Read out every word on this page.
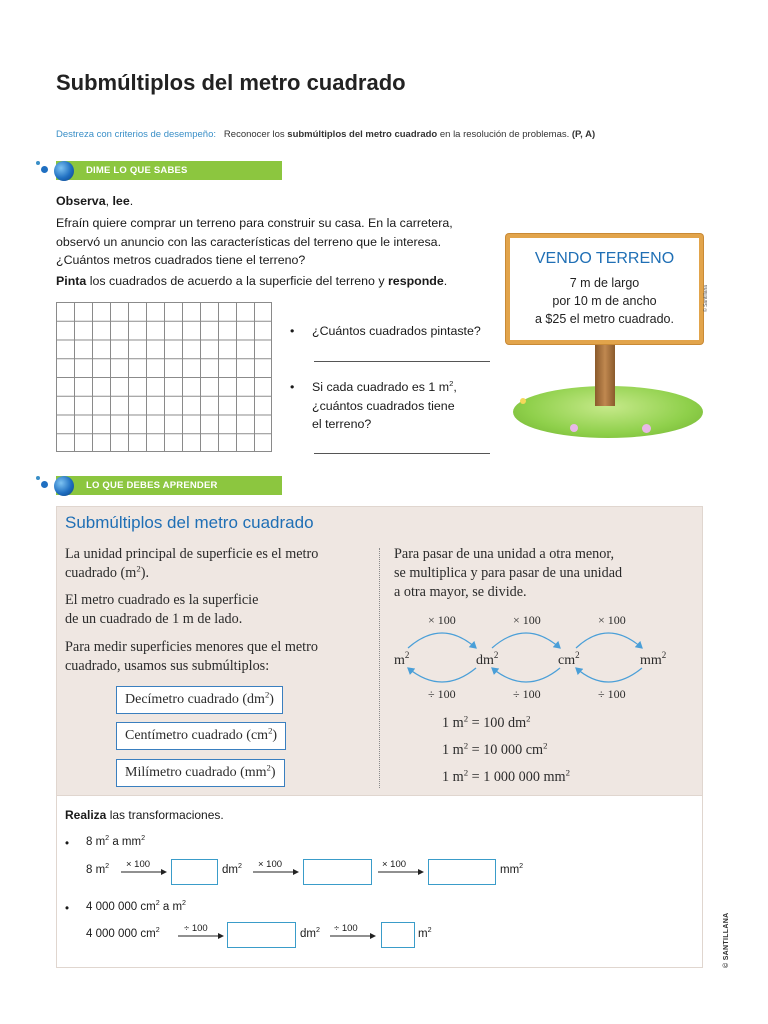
Submúltiplos del metro cuadrado
Destreza con criterios de desempeño: Reconocer los submúltiplos del metro cuadrado en la resolución de problemas. (P, A)
DIME LO QUE SABES
Observa, lee.
Efraín quiere comprar un terreno para construir su casa. En la carretera, observó un anuncio con las características del terreno que le interesa. ¿Cuántos metros cuadrados tiene el terreno?
Pinta los cuadrados de acuerdo a la superficie del terreno y responde.
• ¿Cuántos cuadrados pintaste?
• Si cada cuadrado es 1 $m^2$,
¿cuántos cuadrados tiene
el terreno?
VENDO TERRENO
7 m de largo
por 10 m de ancho
a $25 el metro cuadrado.
© Santillana
LO QUE DEBES APRENDER
Submúltiplos del metro cuadrado
La unidad principal de superficie es el metro
cuadrado $(m^2)$.
El metro cuadrado es la superficie
de un cuadrado de 1 m de lado.
Para medir superficies menores que el metro
cuadrado, usamos sus submúltiplos:
Decímetro cuadrado $(dm^2)$
Centímetro cuadrado $(cm^2)$
Milímetro cuadrado $(mm^2)$
Para pasar de una unidad a otra menor,
se multiplica y para pasar de una unidad
a otra mayor, se divide.
× 100	× 100	× 100
÷ 100	÷ 100	÷ 100
$m^2$	$dm^2$	$cm^2$	$mm^2$
1 $m^2 = 100$ $dm^2$
1 $m^2 = 10$ 000 $cm^2$
1 $m^2 = 1$ 000 000 $mm^2$
Realiza las transformaciones.
• 8 $m^2$ a $mm^2$
8 $m^2 \times 100$	$dm^2 \times 100$	× 100	$mm^2$
• 4 000 000 $cm^2$ a $m^2$
4 000 000 $cm^2$	÷ 100	$dm^2 \div 100$	$m^2$	© SANTILLANA
